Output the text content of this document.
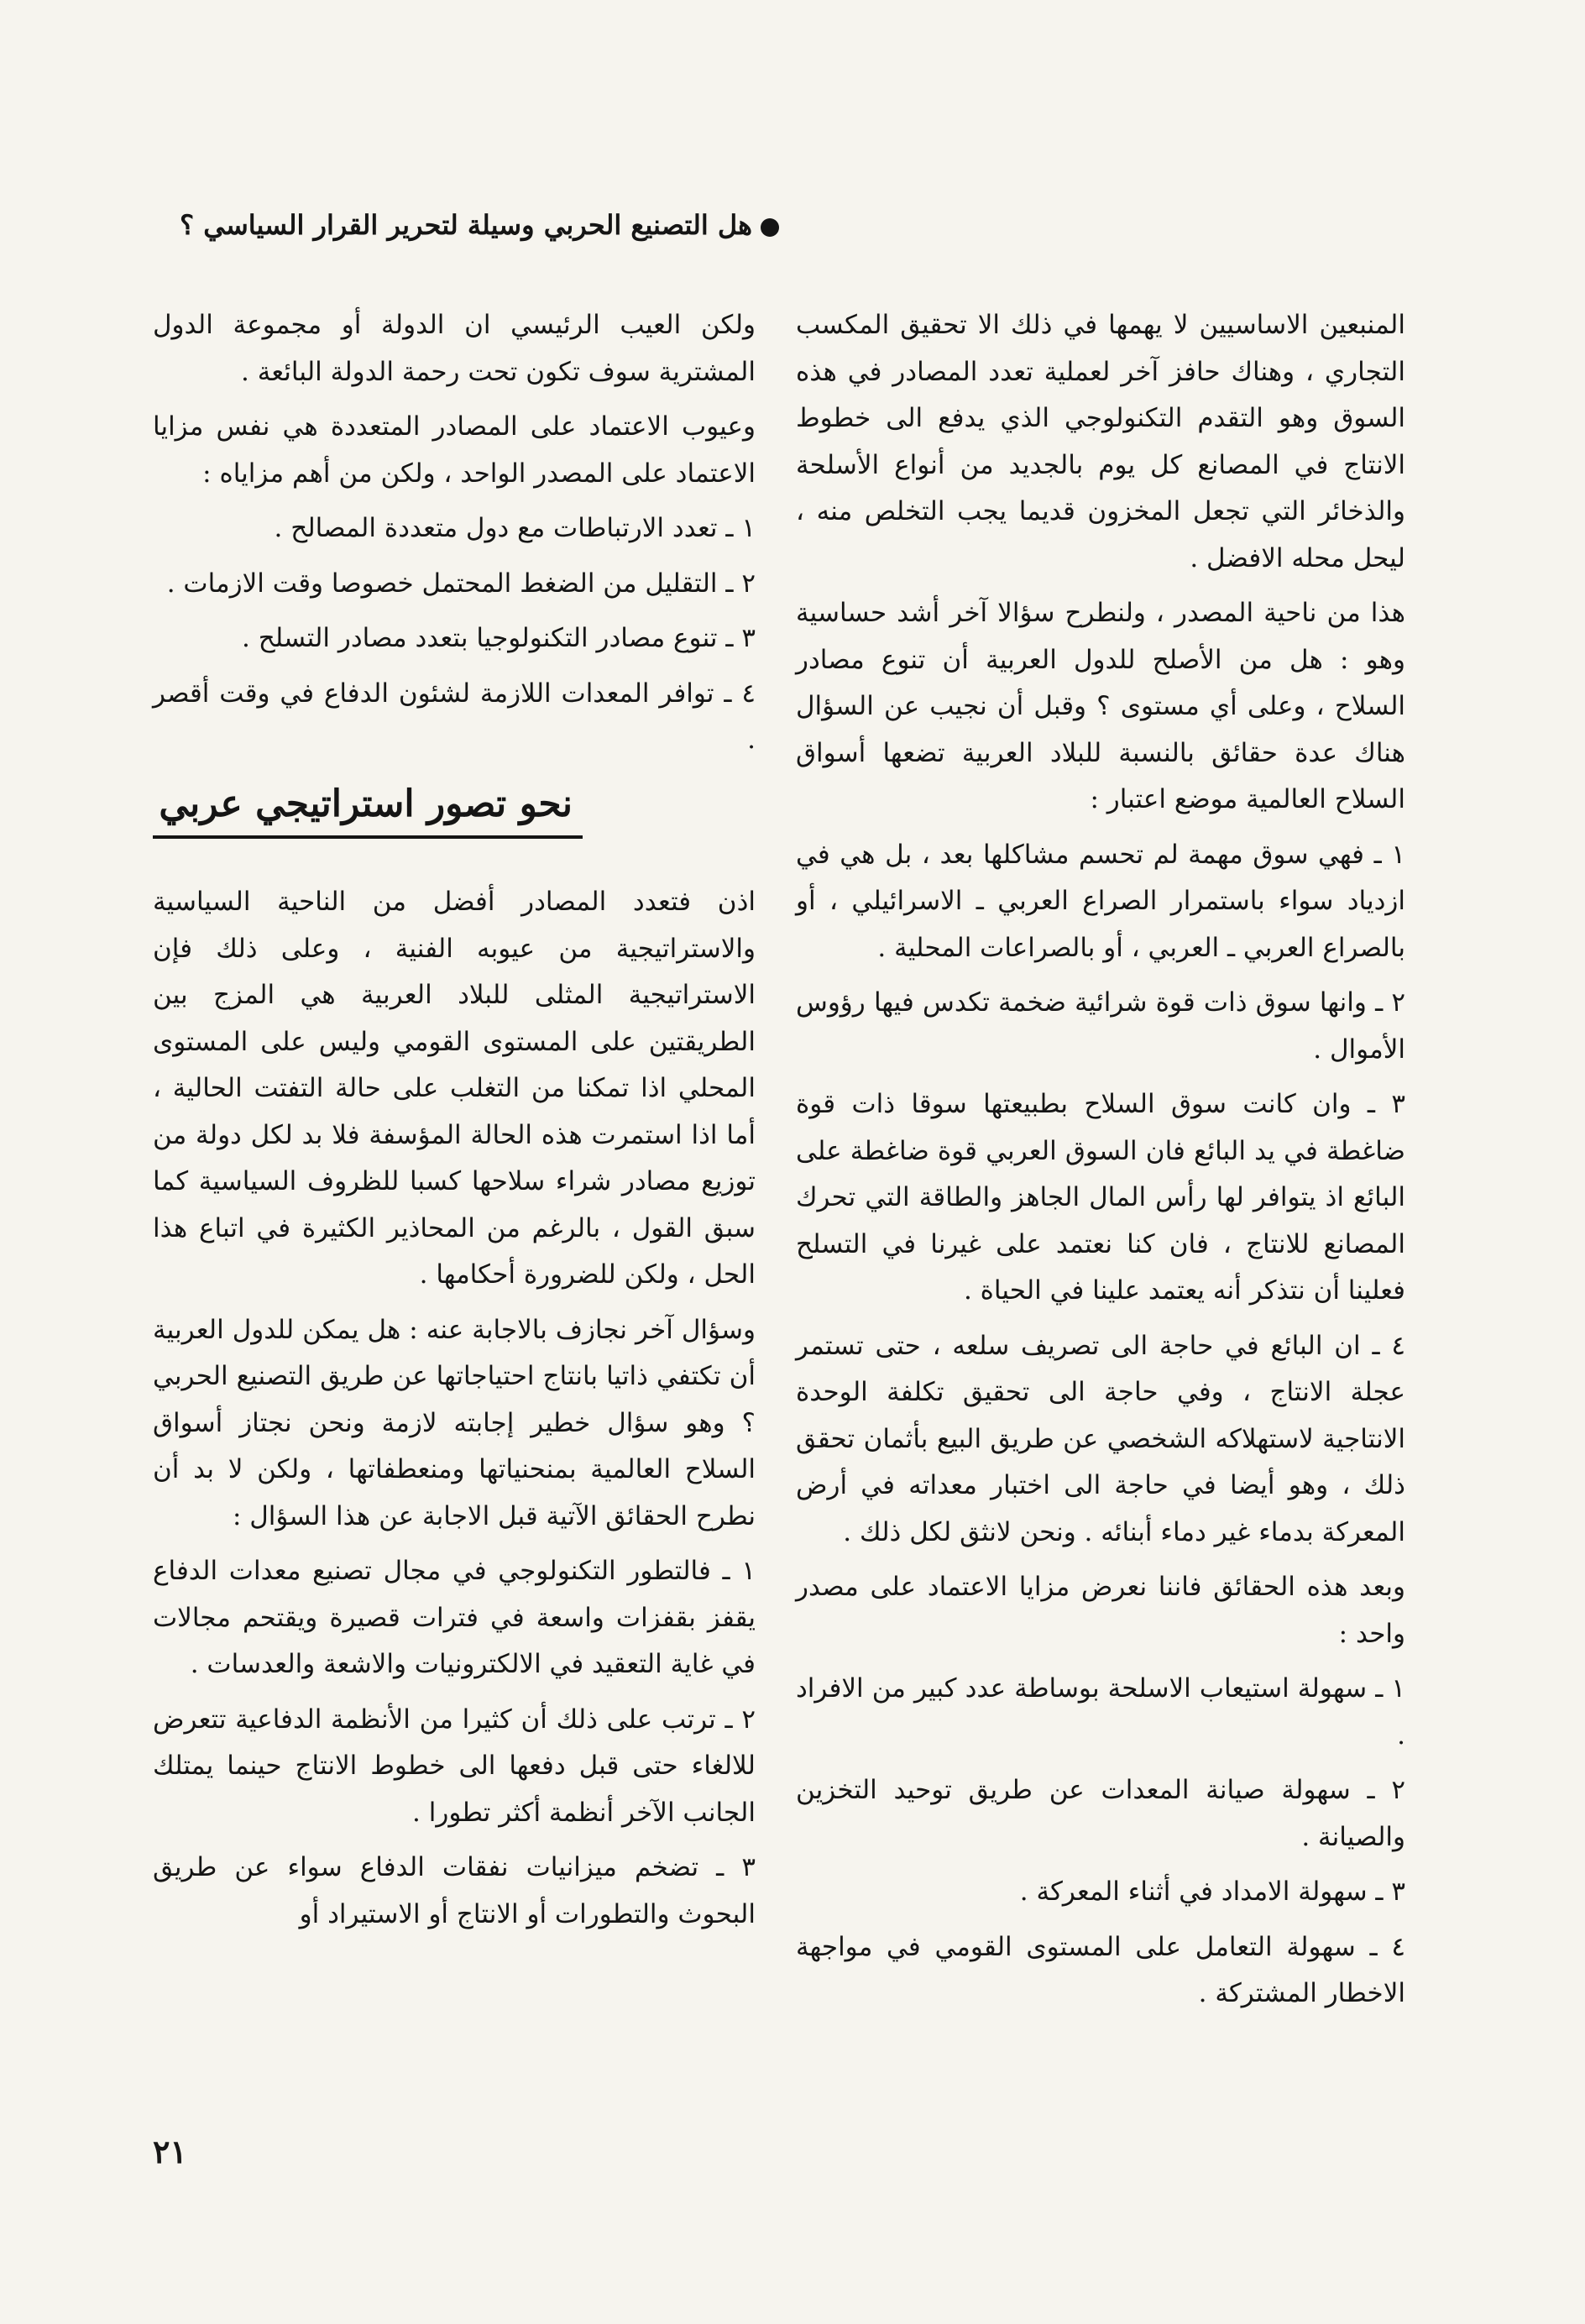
هل التصنيع الحربي وسيلة لتحرير القرار السياسي ؟

المنبعين الاساسيين لا يهمها في ذلك الا تحقيق المكسب التجاري ، وهناك حافز آخر لعملية تعدد المصادر في هذه السوق وهو التقدم التكنولوجي الذي يدفع الى خطوط الانتاج في المصانع كل يوم بالجديد من أنواع الأسلحة والذخائر التي تجعل المخزون قديما يجب التخلص منه ، ليحل محله الافضل .

هذا من ناحية المصدر ، ولنطرح سؤالا آخر أشد حساسية وهو : هل من الأصلح للدول العربية أن تنوع مصادر السلاح ، وعلى أي مستوى ؟ وقبل أن نجيب عن السؤال هناك عدة حقائق بالنسبة للبلاد العربية تضعها أسواق السلاح العالمية موضع اعتبار :

١ ـ فهي سوق مهمة لم تحسم مشاكلها بعد ، بل هي في ازدياد سواء باستمرار الصراع العربي ـ الاسرائيلي ، أو بالصراع العربي ـ العربي ، أو بالصراعات المحلية .

٢ ـ وانها سوق ذات قوة شرائية ضخمة تكدس فيها رؤوس الأموال .

٣ ـ وان كانت سوق السلاح بطبيعتها سوقا ذات قوة ضاغطة في يد البائع فان السوق العربي قوة ضاغطة على البائع اذ يتوافر لها رأس المال الجاهز والطاقة التي تحرك المصانع للانتاج ، فان كنا نعتمد على غيرنا في التسلح فعلينا أن نتذكر أنه يعتمد علينا في الحياة .

٤ ـ ان البائع في حاجة الى تصريف سلعه ، حتى تستمر عجلة الانتاج ، وفي حاجة الى تحقيق تكلفة الوحدة الانتاجية لاستهلاكه الشخصي عن طريق البيع بأثمان تحقق ذلك ، وهو أيضا في حاجة الى اختبار معداته في أرض المعركة بدماء غير دماء أبنائه . ونحن لانثق لكل ذلك .

وبعد هذه الحقائق فاننا نعرض مزايا الاعتماد على مصدر واحد :

١ ـ سهولة استيعاب الاسلحة بوساطة عدد كبير من الافراد .

٢ ـ سهولة صيانة المعدات عن طريق توحيد التخزين والصيانة .

٣ ـ سهولة الامداد في أثناء المعركة .

٤ ـ سهولة التعامل على المستوى القومي في مواجهة الاخطار المشتركة .

ولكن العيب الرئيسي ان الدولة أو مجموعة الدول المشترية سوف تكون تحت رحمة الدولة البائعة .

وعيوب الاعتماد على المصادر المتعددة هي نفس مزايا الاعتماد على المصدر الواحد ، ولكن من أهم مزاياه :

١ ـ تعدد الارتباطات مع دول متعددة المصالح .

٢ ـ التقليل من الضغط المحتمل خصوصا وقت الازمات .

٣ ـ تنوع مصادر التكنولوجيا بتعدد مصادر التسلح .

٤ ـ توافر المعدات اللازمة لشئون الدفاع في وقت أقصر .

نحو تصور استراتيجي عربي

اذن فتعدد المصادر أفضل من الناحية السياسية والاستراتيجية من عيوبه الفنية ، وعلى ذلك فإن الاستراتيجية المثلى للبلاد العربية هي المزج بين الطريقتين على المستوى القومي وليس على المستوى المحلي اذا تمكنا من التغلب على حالة التفتت الحالية ، أما اذا استمرت هذه الحالة المؤسفة فلا بد لكل دولة من توزيع مصادر شراء سلاحها كسبا للظروف السياسية كما سبق القول ، بالرغم من المحاذير الكثيرة في اتباع هذا الحل ، ولكن للضرورة أحكامها .

وسؤال آخر نجازف بالاجابة عنه : هل يمكن للدول العربية أن تكتفي ذاتيا بانتاج احتياجاتها عن طريق التصنيع الحربي ؟ وهو سؤال خطير إجابته لازمة ونحن نجتاز أسواق السلاح العالمية بمنحنياتها ومنعطفاتها ، ولكن لا بد أن نطرح الحقائق الآتية قبل الاجابة عن هذا السؤال :

١ ـ فالتطور التكنولوجي في مجال تصنيع معدات الدفاع يقفز بقفزات واسعة في فترات قصيرة ويقتحم مجالات في غاية التعقيد في الالكترونيات والاشعة والعدسات .

٢ ـ ترتب على ذلك أن كثيرا من الأنظمة الدفاعية تتعرض للالغاء حتى قبل دفعها الى خطوط الانتاج حينما يمتلك الجانب الآخر أنظمة أكثر تطورا .

٣ ـ تضخم ميزانيات نفقات الدفاع سواء عن طريق البحوث والتطورات أو الانتاج أو الاستيراد أو

٢١
